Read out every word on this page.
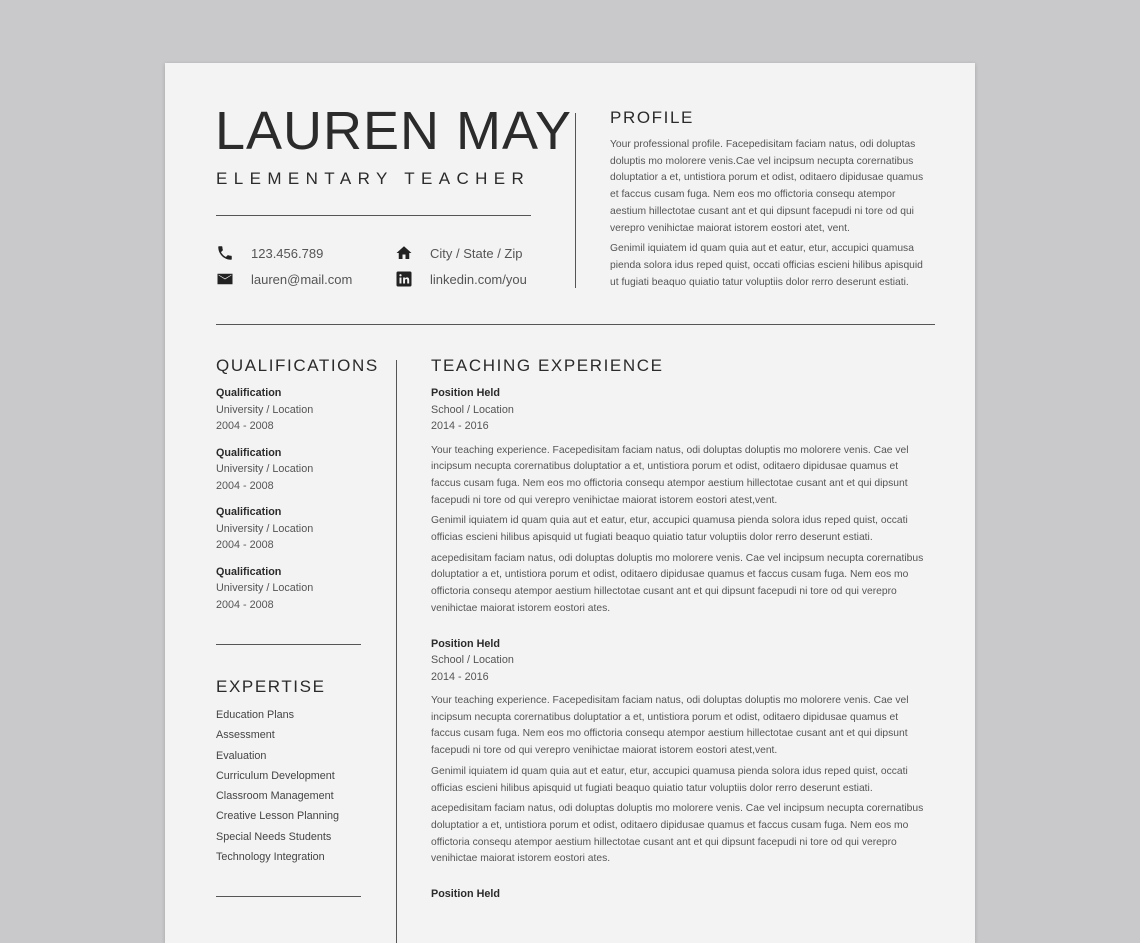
LAUREN MAY
ELEMENTARY TEACHER
123.456.789
lauren@mail.com
City / State / Zip
linkedin.com/you
PROFILE

Your professional profile. Facepedisitam faciam natus, odi doluptas doluptis mo molorere venis.Cae vel incipsum necupta corernatibus doluptatior a et, untistiora porum et odist, oditaero dipidusae quamus et faccus cusam fuga. Nem eos mo offictoria consequ atempor aestium hillectotae cusant ant et qui dipsunt facepudi ni tore od qui verepro venihictae maiorat istorem eostori atet, vent.

Genimil iquiatem id quam quia aut et eatur, etur, accupici quamusa pienda solora idus reped quist, occati officias escieni hilibus apisquid ut fugiati beaquo quiatio tatur voluptiis dolor rerro deserunt estiati.

QUALIFICATIONS
Qualification
University / Location
2004 - 2008
Qualification
University / Location
2004 - 2008
Qualification
University / Location
2004 - 2008
Qualification
University / Location
2004 - 2008
EXPERTISE
Education Plans
Assessment
Evaluation
Curriculum Development
Classroom Management
Creative Lesson Planning
Special Needs Students
Technology Integration
TEACHING EXPERIENCE
Position Held
School / Location
2014 - 2016

Your teaching experience. Facepedisitam faciam natus, odi doluptas doluptis mo molorere venis. Cae vel incipsum necupta corernatibus doluptatior a et, untistiora porum et odist, oditaero dipidusae quamus et faccus cusam fuga. Nem eos mo offictoria consequ atempor aestium hillectotae cusant ant et qui dipsunt facepudi ni tore od qui verepro venihictae maiorat istorem eostori atest,vent.

Genimil iquiatem id quam quia aut et eatur, etur, accupici quamusa pienda solora idus reped quist, occati officias escieni hilibus apisquid ut fugiati beaquo quiatio tatur voluptiis dolor rerro deserunt estiati.

acepedisitam faciam natus, odi doluptas doluptis mo molorere venis. Cae vel incipsum necupta corernatibus doluptatior a et, untistiora porum et odist, oditaero dipidusae quamus et faccus cusam fuga. Nem eos mo offictoria consequ atempor aestium hillectotae cusant ant et qui dipsunt facepudi ni tore od qui verepro venihictae maiorat istorem eostori ates.

Position Held
School / Location
2014 - 2016

Your teaching experience. Facepedisitam faciam natus, odi doluptas doluptis mo molorere venis. Cae vel incipsum necupta corernatibus doluptatior a et, untistiora porum et odist, oditaero dipidusae quamus et faccus cusam fuga. Nem eos mo offictoria consequ atempor aestium hillectotae cusant ant et qui dipsunt facepudi ni tore od qui verepro venihictae maiorat istorem eostori atest,vent.

Genimil iquiatem id quam quia aut et eatur, etur, accupici quamusa pienda solora idus reped quist, occati officias escieni hilibus apisquid ut fugiati beaquo quiatio tatur voluptiis dolor rerro deserunt estiati.

acepedisitam faciam natus, odi doluptas doluptis mo molorere venis. Cae vel incipsum necupta corernatibus doluptatior a et, untistiora porum et odist, oditaero dipidusae quamus et faccus cusam fuga. Nem eos mo offictoria consequ atempor aestium hillectotae cusant ant et qui dipsunt facepudi ni tore od qui verepro venihictae maiorat istorem eostori ates.

Position Held
